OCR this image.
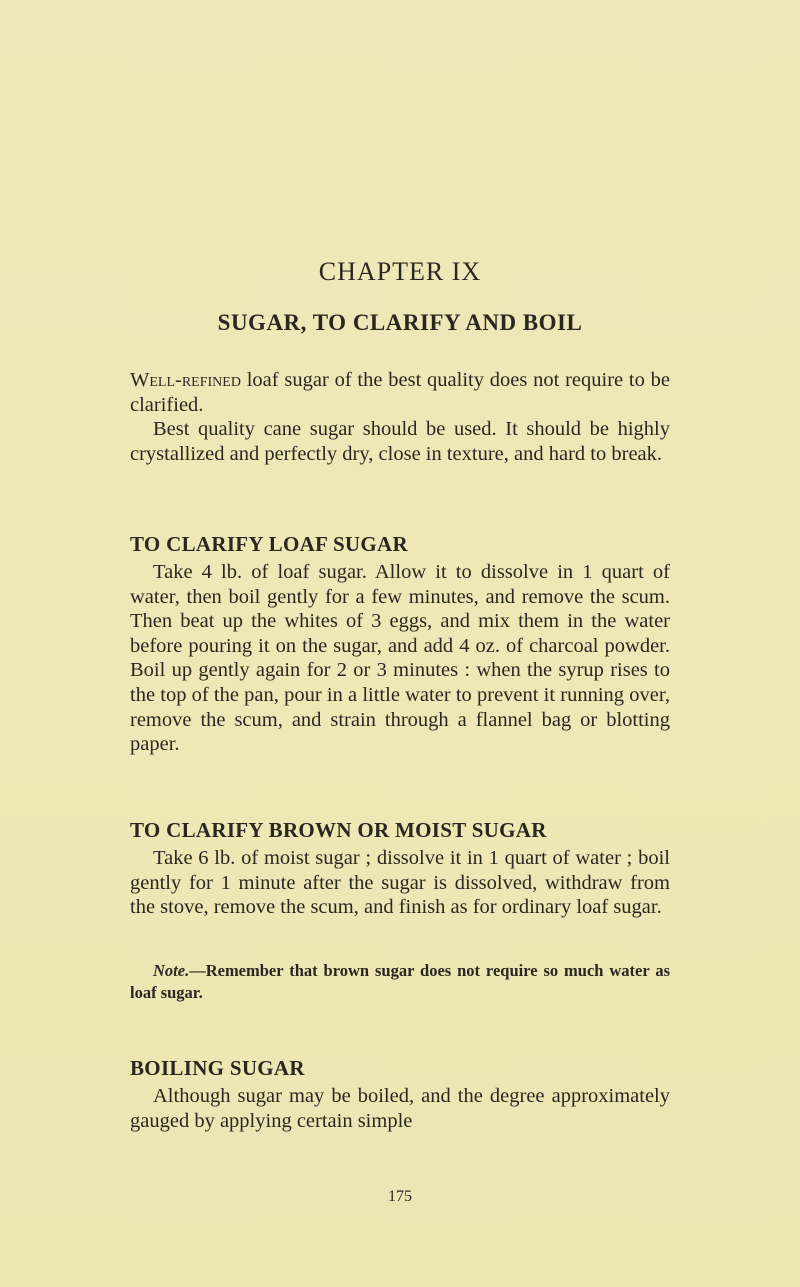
CHAPTER IX
SUGAR, TO CLARIFY AND BOIL

Well-refined loaf sugar of the best quality does not require to be clarified.

Best quality cane sugar should be used. It should be highly crystallized and perfectly dry, close in texture, and hard to break.

TO CLARIFY LOAF SUGAR

Take 4 lb. of loaf sugar. Allow it to dissolve in 1 quart of water, then boil gently for a few minutes, and remove the scum. Then beat up the whites of 3 eggs, and mix them in the water before pouring it on the sugar, and add 4 oz. of charcoal powder. Boil up gently again for 2 or 3 minutes : when the syrup rises to the top of the pan, pour in a little water to prevent it running over, remove the scum, and strain through a flannel bag or blotting paper.

TO CLARIFY BROWN OR MOIST SUGAR

Take 6 lb. of moist sugar ; dissolve it in 1 quart of water ; boil gently for 1 minute after the sugar is dissolved, withdraw from the stove, remove the scum, and finish as for ordinary loaf sugar.

Note.—Remember that brown sugar does not require so much water as loaf sugar.

BOILING SUGAR

Although sugar may be boiled, and the degree approximately gauged by applying certain simple

175
